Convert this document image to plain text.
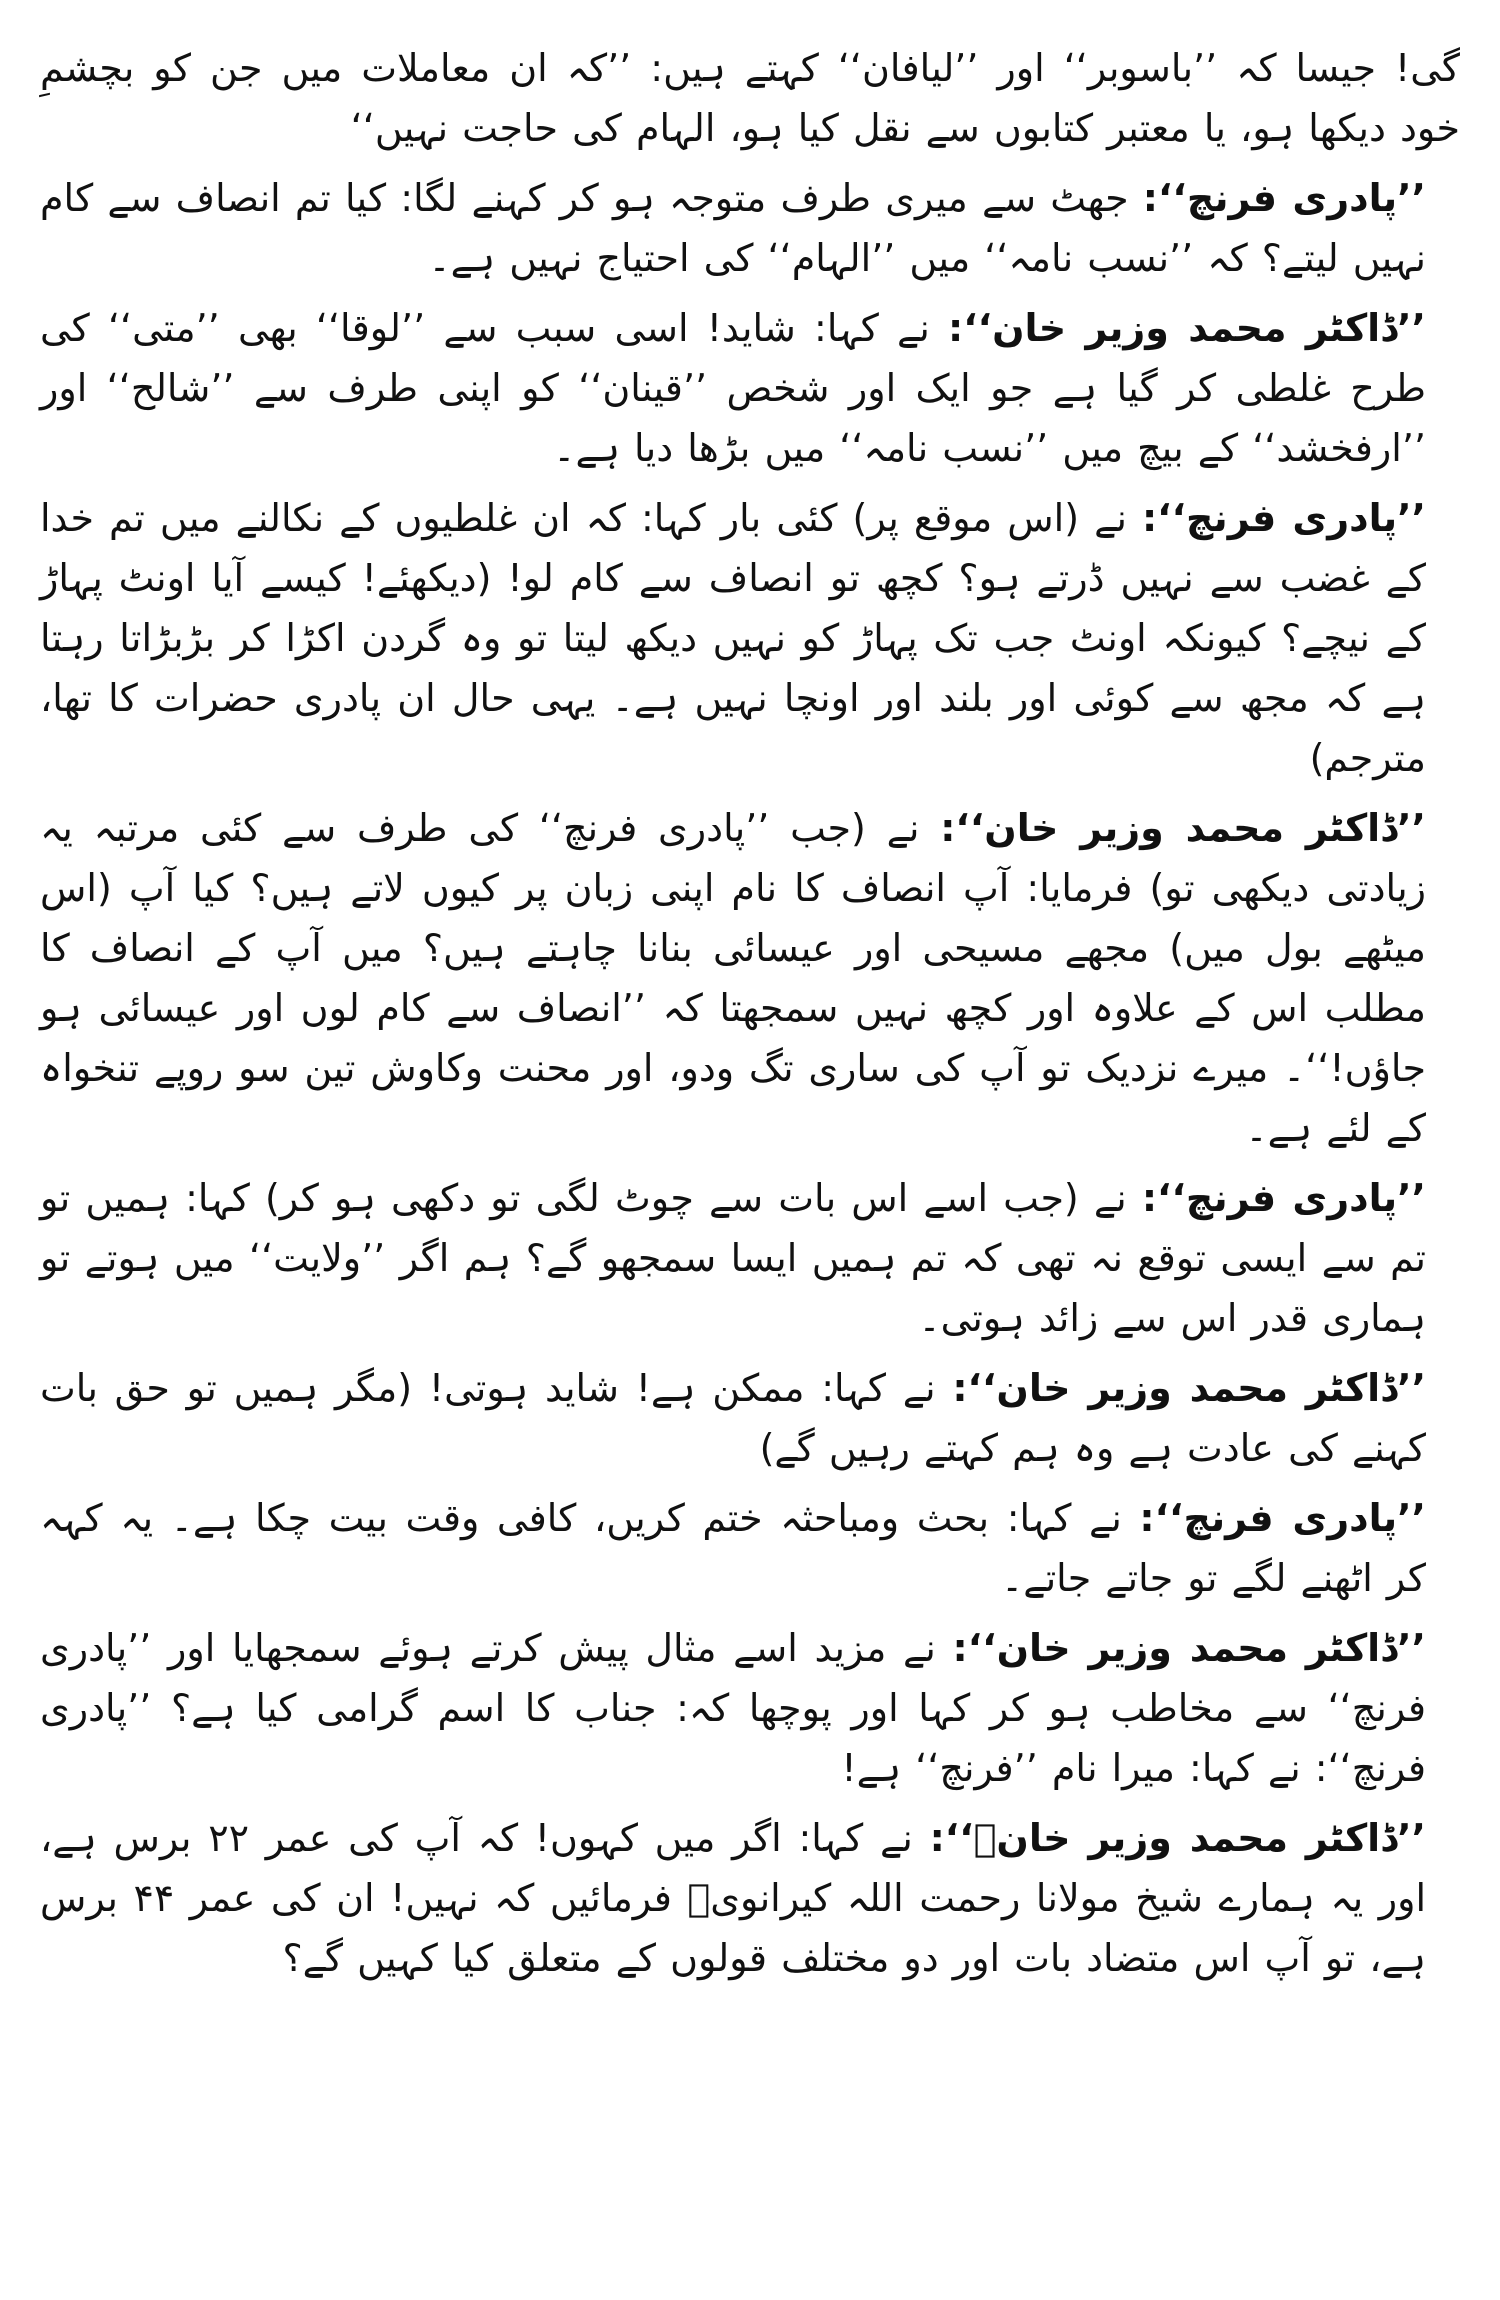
گی! جیسا کہ ’’باسوبر‘‘ اور ’’لیافان‘‘ کہتے ہیں: ’’کہ ان معاملات میں جن کو بچشمِ خود دیکھا ہو، یا معتبر کتابوں سے نقل کیا ہو، الہام کی حاجت نہیں‘‘

’’پادری فرنچ‘‘: جھٹ سے میری طرف متوجہ ہو کر کہنے لگا: کیا تم انصاف سے کام نہیں لیتے؟ کہ ’’نسب نامہ‘‘ میں ’’الہام‘‘ کی احتیاج نہیں ہے۔

’’ڈاکٹر محمد وزیر خان‘‘: نے کہا: شاید! اسی سبب سے ’’لوقا‘‘ بھی ’’متی‘‘ کی طرح غلطی کر گیا ہے جو ایک اور شخص ’’قینان‘‘ کو اپنی طرف سے ’’شالح‘‘ اور ’’ارفخشد‘‘ کے بیچ میں ’’نسب نامہ‘‘ میں بڑھا دیا ہے۔

’’پادری فرنچ‘‘: نے (اس موقع پر) کئی بار کہا: کہ ان غلطیوں کے نکالنے میں تم خدا کے غضب سے نہیں ڈرتے ہو؟ کچھ تو انصاف سے کام لو! (دیکھئے! کیسے آیا اونٹ پہاڑ کے نیچے؟ کیونکہ اونٹ جب تک پہاڑ کو نہیں دیکھ لیتا تو وہ گردن اکڑا کر بڑبڑاتا رہتا ہے کہ مجھ سے کوئی اور بلند اور اونچا نہیں ہے۔ یہی حال ان پادری حضرات کا تھا، مترجم)

’’ڈاکٹر محمد وزیر خان‘‘: نے (جب ’’پادری فرنچ‘‘ کی طرف سے کئی مرتبہ یہ زیادتی دیکھی تو) فرمایا: آپ انصاف کا نام اپنی زبان پر کیوں لاتے ہیں؟ کیا آپ (اس میٹھے بول میں) مجھے مسیحی اور عیسائی بنانا چاہتے ہیں؟ میں آپ کے انصاف کا مطلب اس کے علاوہ اور کچھ نہیں سمجھتا کہ ’’انصاف سے کام لوں اور عیسائی ہو جاؤں!‘‘۔ میرے نزدیک تو آپ کی ساری تگ ودو، اور محنت وکاوش تین سو روپے تنخواہ کے لئے ہے۔

’’پادری فرنچ‘‘: نے (جب اسے اس بات سے چوٹ لگی تو دکھی ہو کر) کہا: ہمیں تو تم سے ایسی توقع نہ تھی کہ تم ہمیں ایسا سمجھو گے؟ ہم اگر ’’ولایت‘‘ میں ہوتے تو ہماری قدر اس سے زائد ہوتی۔

’’ڈاکٹر محمد وزیر خان‘‘: نے کہا: ممکن ہے! شاید ہوتی! (مگر ہمیں تو حق بات کہنے کی عادت ہے وہ ہم کہتے رہیں گے)

’’پادری فرنچ‘‘: نے کہا: بحث ومباحثہ ختم کریں، کافی وقت بیت چکا ہے۔ یہ کہہ کر اٹھنے لگے تو جاتے جاتے۔

’’ڈاکٹر محمد وزیر خان‘‘: نے مزید اسے مثال پیش کرتے ہوئے سمجھایا اور ’’پادری فرنچ‘‘ سے مخاطب ہو کر کہا اور پوچھا کہ: جناب کا اسم گرامی کیا ہے؟ ’’پادری فرنچ‘‘: نے کہا: میرا نام ’’فرنچ‘‘ ہے!

’’ڈاکٹر محمد وزیر خانؒ‘‘: نے کہا: اگر میں کہوں! کہ آپ کی عمر ۲۲ برس ہے، اور یہ ہمارے شیخ مولانا رحمت اللہ کیرانویؒ فرمائیں کہ نہیں! ان کی عمر ۴۴ برس ہے، تو آپ اس متضاد بات اور دو مختلف قولوں کے متعلق کیا کہیں گے؟
